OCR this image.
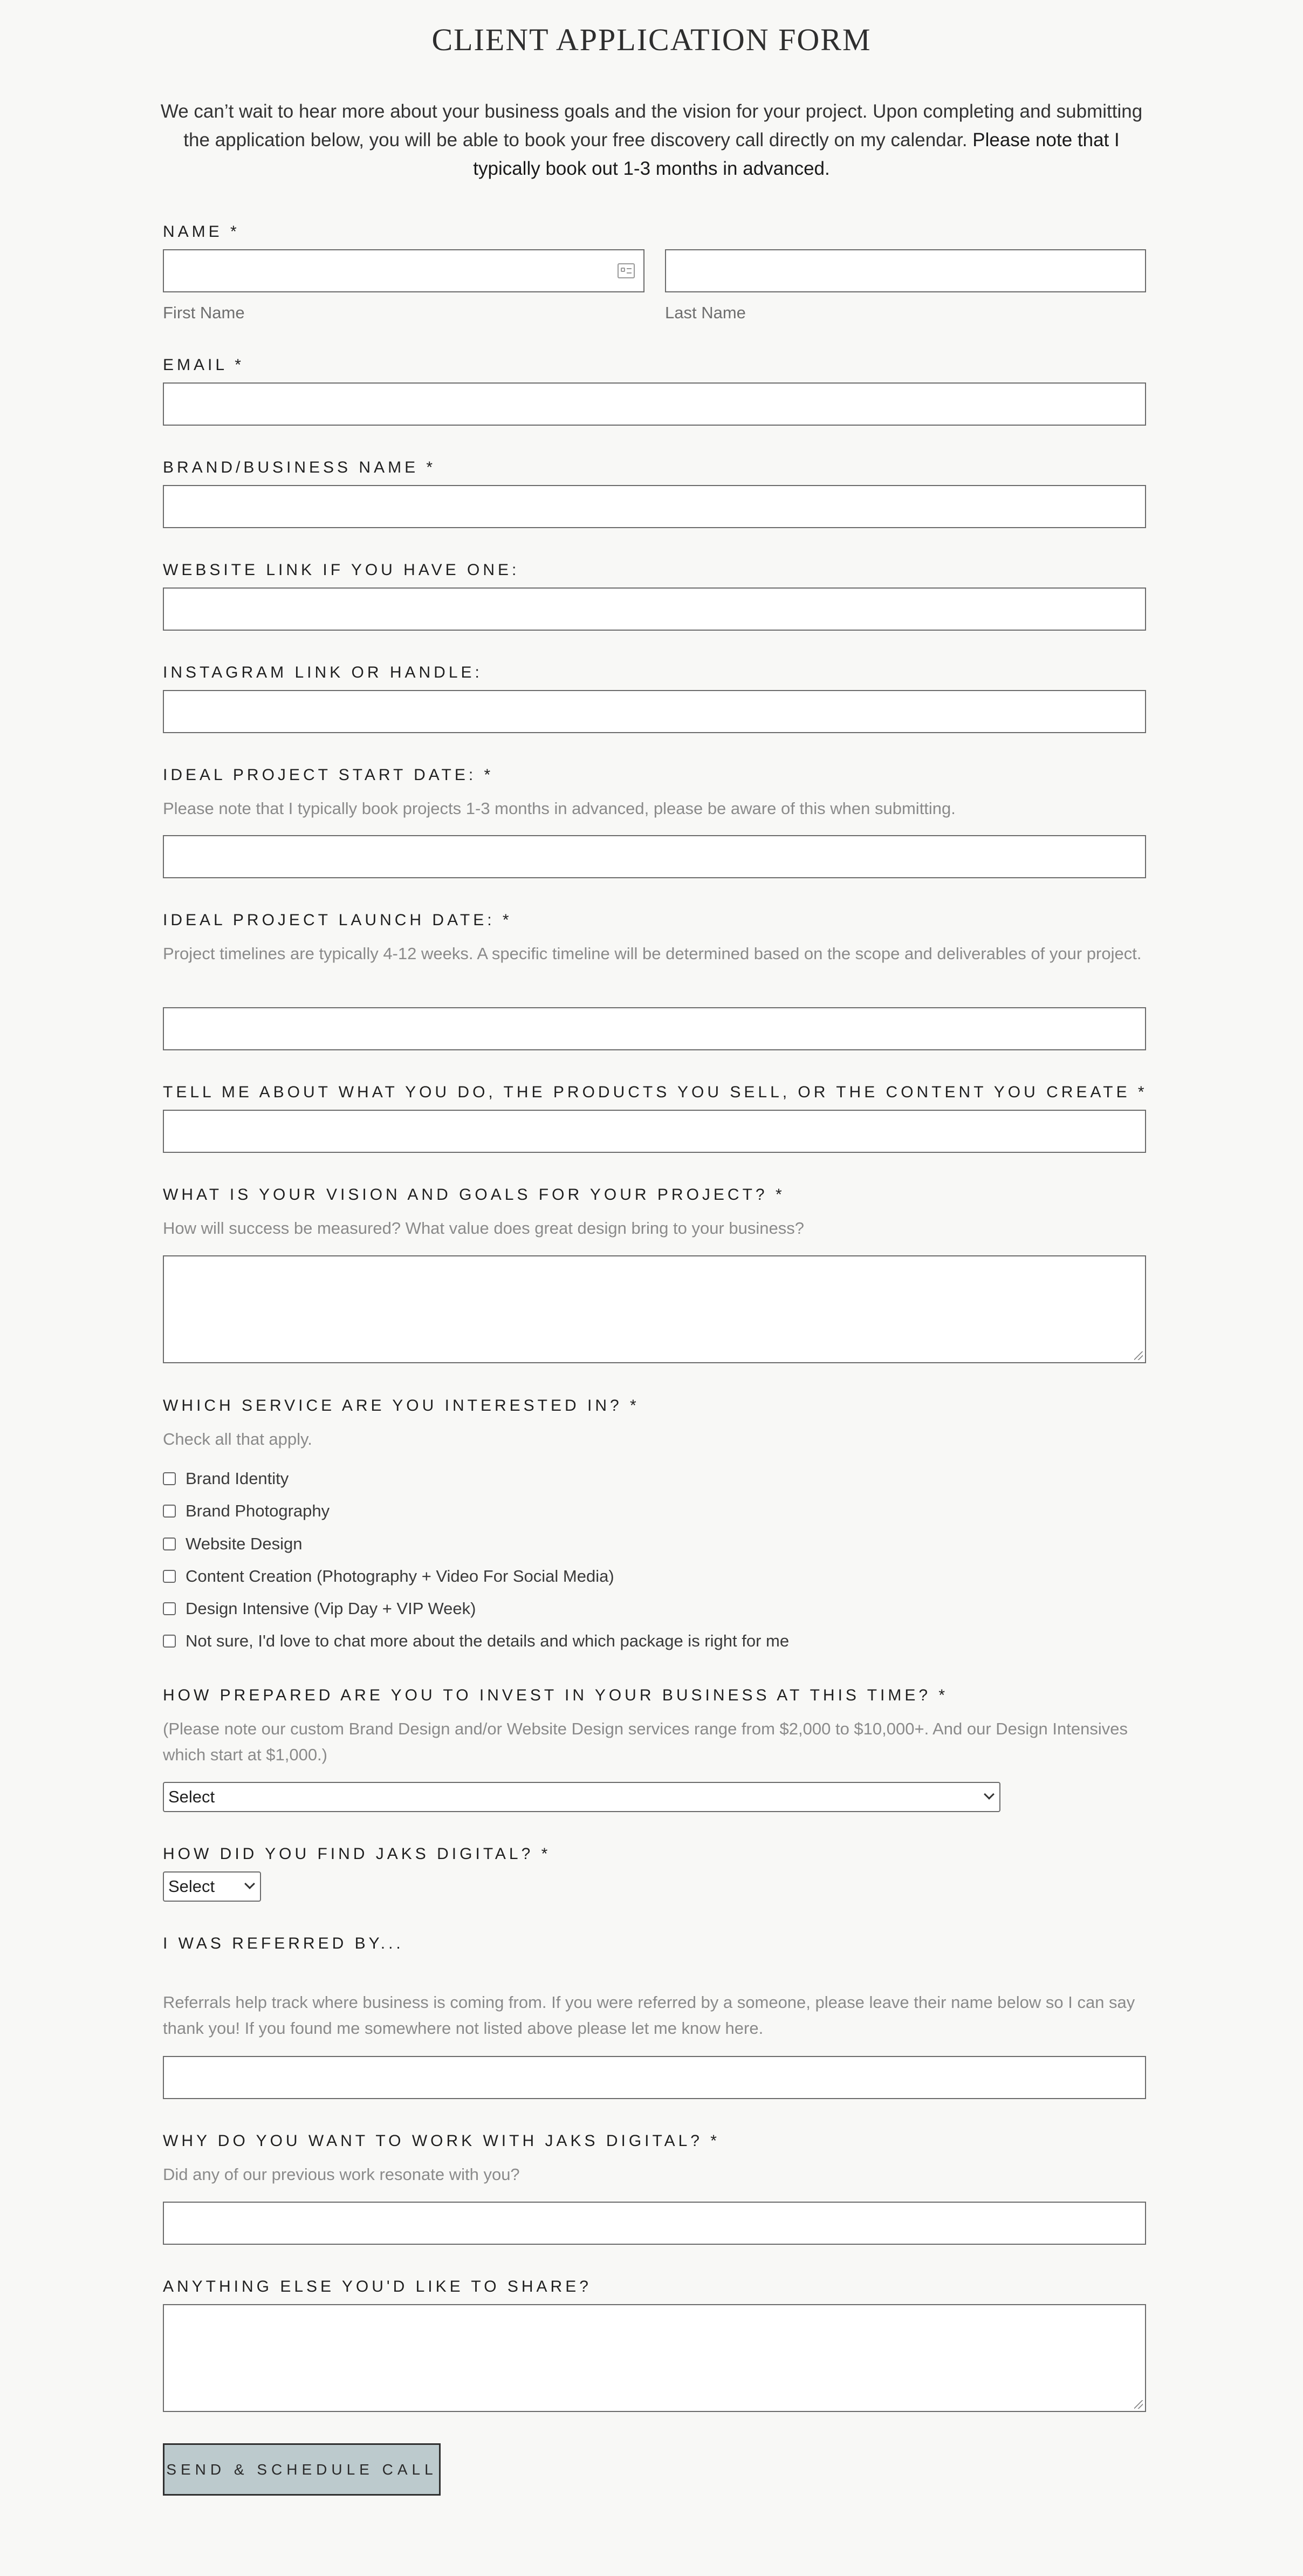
CLIENT APPLICATION FORM

We can’t wait to hear more about your business goals and the vision for your project. Upon completing and submitting the application below, you will be able to book your free discovery call directly on my calendar. Please note that I typically book out 1-3 months in advanced.

NAME *
First Name	Last Name
EMAIL *
BRAND/BUSINESS NAME *
WEBSITE LINK IF YOU HAVE ONE:
INSTAGRAM LINK OR HANDLE:
IDEAL PROJECT START DATE: *
Please note that I typically book projects 1-3 months in advanced, please be aware of this when submitting.
IDEAL PROJECT LAUNCH DATE: *
Project timelines are typically 4-12 weeks. A specific timeline will be determined based on the scope and deliverables of your project.
TELL ME ABOUT WHAT YOU DO, THE PRODUCTS YOU SELL, OR THE CONTENT YOU CREATE *
WHAT IS YOUR VISION AND GOALS FOR YOUR PROJECT? *
How will success be measured? What value does great design bring to your business?
WHICH SERVICE ARE YOU INTERESTED IN? *
Check all that apply.
Brand Identity
Brand Photography
Website Design
Content Creation (Photography + Video For Social Media)
Design Intensive (Vip Day + VIP Week)
Not sure, I'd love to chat more about the details and which package is right for me
HOW PREPARED ARE YOU TO INVEST IN YOUR BUSINESS AT THIS TIME? *
(Please note our custom Brand Design and/or Website Design services range from $2,000 to $10,000+. And our Design Intensives which start at $1,000.)
Select
HOW DID YOU FIND JAKS DIGITAL? *
Select
I WAS REFERRED BY...
Referrals help track where business is coming from. If you were referred by a someone, please leave their name below so I can say thank you! If you found me somewhere not listed above please let me know here.
WHY DO YOU WANT TO WORK WITH JAKS DIGITAL? *
Did any of our previous work resonate with you?
ANYTHING ELSE YOU'D LIKE TO SHARE?
SEND & SCHEDULE CALL
